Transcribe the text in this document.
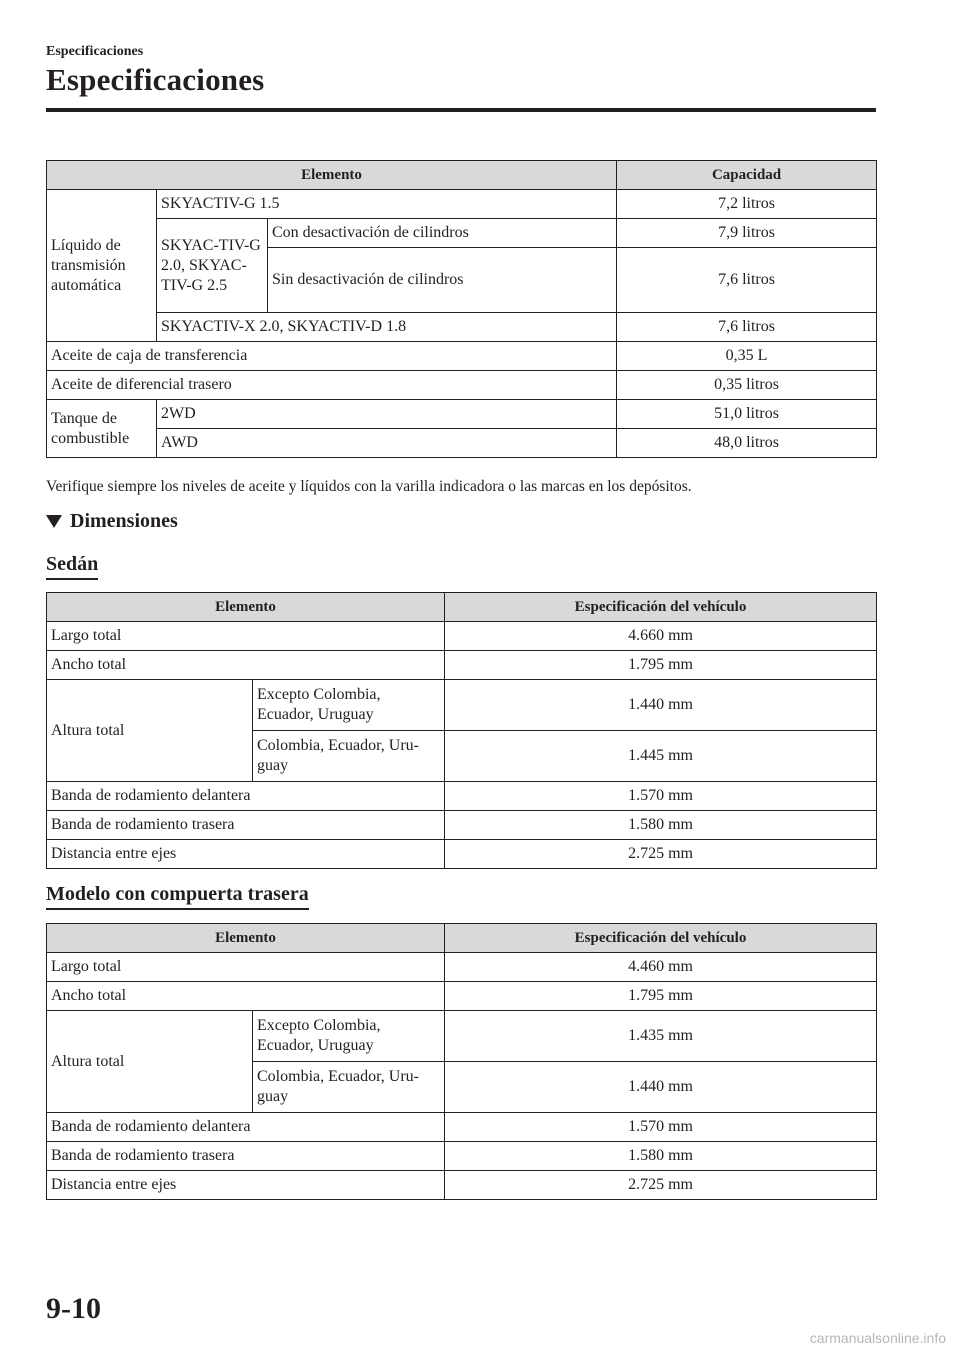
Especificaciones
Especificaciones
Elemento			Capacidad
Líquido de transmisión automática	SKYACTIV-G 1.5		7,2 litros
	SKYAC-TIV-G 2.0, SKYAC-TIV-G 2.5	Con desactivación de cilindros	7,9 litros
		Sin desactivación de cilindros	7,6 litros
	SKYACTIV-X 2.0, SKYACTIV-D 1.8		7,6 litros
Aceite de caja de transferencia			0,35 L
Aceite de diferencial trasero			0,35 litros
Tanque de combustible	2WD		51,0 litros
	AWD		48,0 litros
Verifique siempre los niveles de aceite y líquidos con la varilla indicadora o las marcas en los depósitos.
Dimensiones
Sedán
Elemento		Especificación del vehículo
Largo total		4.660 mm
Ancho total		1.795 mm
Altura total	Excepto Colombia, Ecuador, Uruguay	1.440 mm
	Colombia, Ecuador, Uru-guay	1.445 mm
Banda de rodamiento delantera		1.570 mm
Banda de rodamiento trasera		1.580 mm
Distancia entre ejes		2.725 mm
Modelo con compuerta trasera
Elemento		Especificación del vehículo
Largo total		4.460 mm
Ancho total		1.795 mm
Altura total	Excepto Colombia, Ecuador, Uruguay	1.435 mm
	Colombia, Ecuador, Uru-guay	1.440 mm
Banda de rodamiento delantera		1.570 mm
Banda de rodamiento trasera		1.580 mm
Distancia entre ejes		2.725 mm
9-10
carmanualsonline.info
